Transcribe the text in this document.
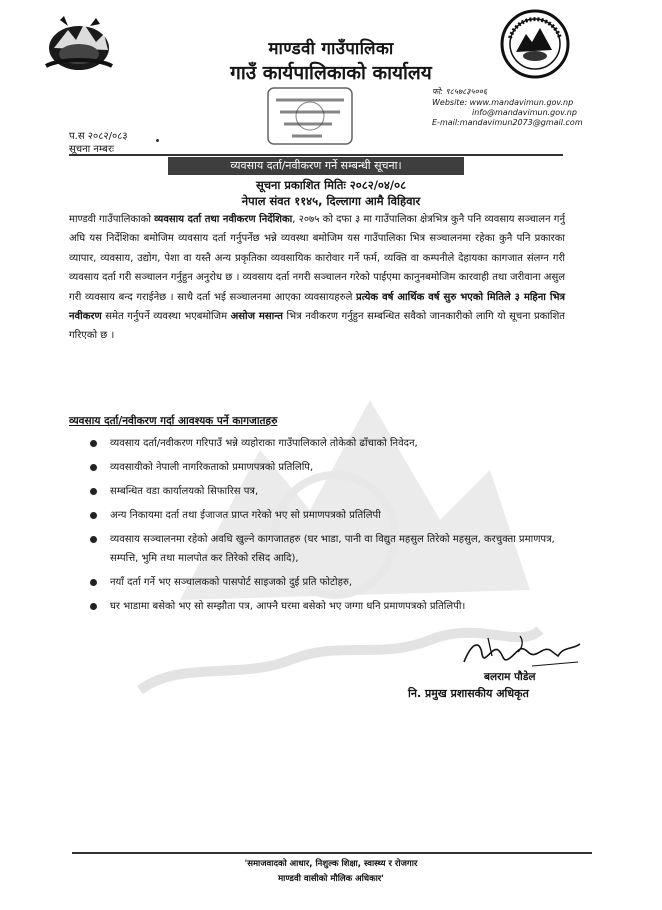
माण्डवी गाउँपालिका
गाउँ कार्यपालिकाको कार्यालय
फो: ९८५७८३५००६
Website: www.mandavimun.gov.np
info@mandavimun.gov.np
E-mail:mandavimun2073@gmail.com
प.स २०८२/०८३
सूचना नम्बरः
व्यवसाय दर्ता/नवीकरण गर्ने सम्बन्धी सूचना।
सूचना प्रकाशित मितिः २०८२/०४/०८
नेपाल संवत ११४५, दिल्लागा आमै विहिवार
माण्डवी गाउँपालिकाको व्यवसाय दर्ता तथा नवीकरण निर्देशिका, २०७५ को दफा ३ मा गाउँपालिका क्षेत्रभित्र कुनै पनि व्यवसाय सञ्चालन गर्नु अघि यस निर्देशिका बमोजिम व्यवसाय दर्ता गर्नुपर्नेछ भन्ने व्यवस्था बमोजिम यस गाउँपालिका भित्र सञ्चालनमा रहेका कुनै पनि प्रकारका व्यापार, व्यवसाय, उद्योग, पेशा वा यस्तै अन्य प्रकृतिका व्यवसायिक कारोवार गर्ने फर्म, व्यक्ति वा कम्पनीले देहायका कागजात संलग्न गरी व्यवसाय दर्ता गरी सञ्चालन गर्नुहुन अनुरोध छ । व्यवसाय दर्ता नगरी सञ्चालन गरेको पाईएमा कानुनबमोजिम कारवाही तथा जरीवाना असुल गरी व्यवसाय बन्द गराईनेछ । साथै दर्ता भई सञ्चालनमा आएका व्यवसायहरुले प्रत्येक वर्ष आर्थिक वर्ष सुरु भएको मितिले ३ महिना भित्र नवीकरण समेत गर्नुपर्ने व्यवस्था भएबमोजिम असोज मसान्त भित्र नवीकरण गर्नुहुन सम्बन्धित सवैको जानकारीको लागि यो सूचना प्रकाशित गरिएको छ ।
व्यवसाय दर्ता/नवीकरण गर्दा आवश्यक पर्ने कागजातहरु
व्यवसाय दर्ता/नवीकरण गरिपाउँ भन्ने व्यहोराका गाउँपालिकाले तोकेको ढाँचाको निवेदन,
व्यवसायीको नेपाली नागरिकताको प्रमाणपत्रको प्रतिलिपि,
सम्बन्धित वडा कार्यालयको सिफारिस पत्र,
अन्य निकायमा दर्ता तथा ईजाजत प्राप्त गरेको भए सो प्रमाणपत्रको प्रतिलिपी
व्यवसाय सञ्चालनमा रहेको अवधि खुल्ने कागजातहरु (घर भाडा, पानी वा विद्युत महसुल तिरेको महसुल, करचुक्ता प्रमाणपत्र, सम्पत्ति, भुमि तथा मालपोत कर तिरेको रसिद आदि),
नयाँ दर्ता गर्ने भए सञ्चालकको पासपोर्ट साइजको दुई प्रति फोटोहरु,
घर भाडामा बसेको भए सो सम्झौता पत्र, आफ्नै घरमा बसेको भए जग्गा धनि प्रमाणपत्रको प्रतिलिपी।
बलराम पौडेल
नि. प्रमुख प्रशासकीय अधिकृत
'समाजवादको आधार, निशुल्क शिक्षा, स्वास्थ्य र रोजगार
माण्डवी वासीको मौलिक अधिकार'
